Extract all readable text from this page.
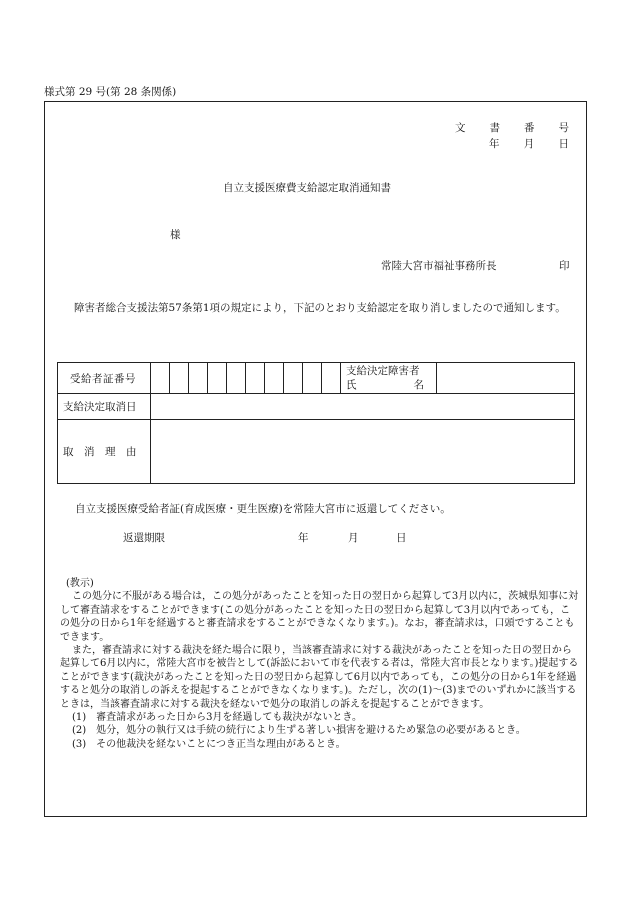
様式第 29 号(第 28 条関係)
文 書 番 号
年 月 日
自立支援医療費支給認定取消通知書
様
常陸大宮市福祉事務所長	印
障害者総合支援法第57条第1項の規定により，下記のとおり支給認定を取り消しましたので通知します。
受給者証番号											支給決定障害者
氏 名	

支給決定取消日												
取　消　理　由												
自立支援医療受給者証(育成医療・更生医療)を常陸大宮市に返還してください。
返還期限	年	月	日
(教示)
この処分に不服がある場合は，この処分があったことを知った日の翌日から起算して3月以内に，茨城県知事に対して審査請求をすることができます(この処分があったことを知った日の翌日から起算して3月以内であっても，この処分の日から1年を経過すると審査請求をすることができなくなります。)。なお，審査請求は，口頭ですることもできます。
また，審査請求に対する裁決を経た場合に限り，当該審査請求に対する裁決があったことを知った日の翌日から起算して6月以内に，常陸大宮市を被告として(訴訟において市を代表する者は，常陸大宮市長となります。)提起することができます(裁決があったことを知った日の翌日から起算して6月以内であっても，この処分の日から1年を経過すると処分の取消しの訴えを提起することができなくなります。)。ただし，次の(1)～(3)までのいずれかに該当するときは，当該審査請求に対する裁決を経ないで処分の取消しの訴えを提起することができます。
(1)　審査請求があった日から3月を経過しても裁決がないとき。
(2)　処分，処分の執行又は手続の続行により生ずる著しい損害を避けるため緊急の必要があるとき。
(3)　その他裁決を経ないことにつき正当な理由があるとき。
